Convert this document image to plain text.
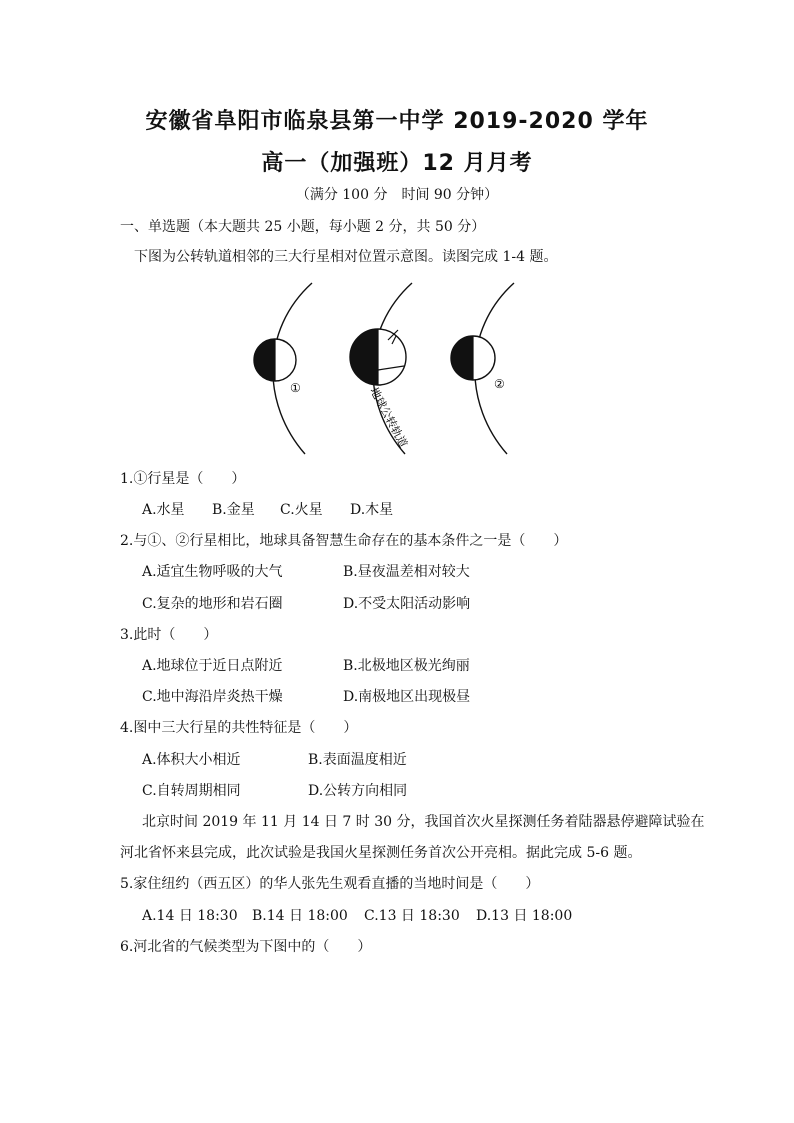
安徽省阜阳市临泉县第一中学 2019-2020 学年
高一（加强班）12 月月考
（满分 100 分　时间 90 分钟）
一、单选题（本大题共 25 小题，每小题 2 分，共 50 分）
下图为公转轨道相邻的三大行星相对位置示意图。读图完成 1-4 题。
①	②
地球公转轨道
1.①行星是（　　）
A.水星 B.金星 C.火星 D.木星
2.与①、②行星相比，地球具备智慧生命存在的基本条件之一是（　　）
A.适宜生物呼吸的大气	B.昼夜温差相对较大
C.复杂的地形和岩石圈	D.不受太阳活动影响
3.此时（　　）
A.地球位于近日点附近	B.北极地区极光绚丽
C.地中海沿岸炎热干燥	D.南极地区出现极昼
4.图中三大行星的共性特征是（　　）
A.体积大小相近	B.表面温度相近
C.自转周期相同	D.公转方向相同
北京时间 2019 年 11 月 14 日 7 时 30 分，我国首次火星探测任务着陆器悬停避障试验在
河北省怀来县完成，此次试验是我国火星探测任务首次公开亮相。据此完成 5-6 题。
5.家住纽约（西五区）的华人张先生观看直播的当地时间是（　　）
A.14 日 18:30 B.14 日 18:00 C.13 日 18:30 D.13 日 18:00
6.河北省的气候类型为下图中的（　　）
